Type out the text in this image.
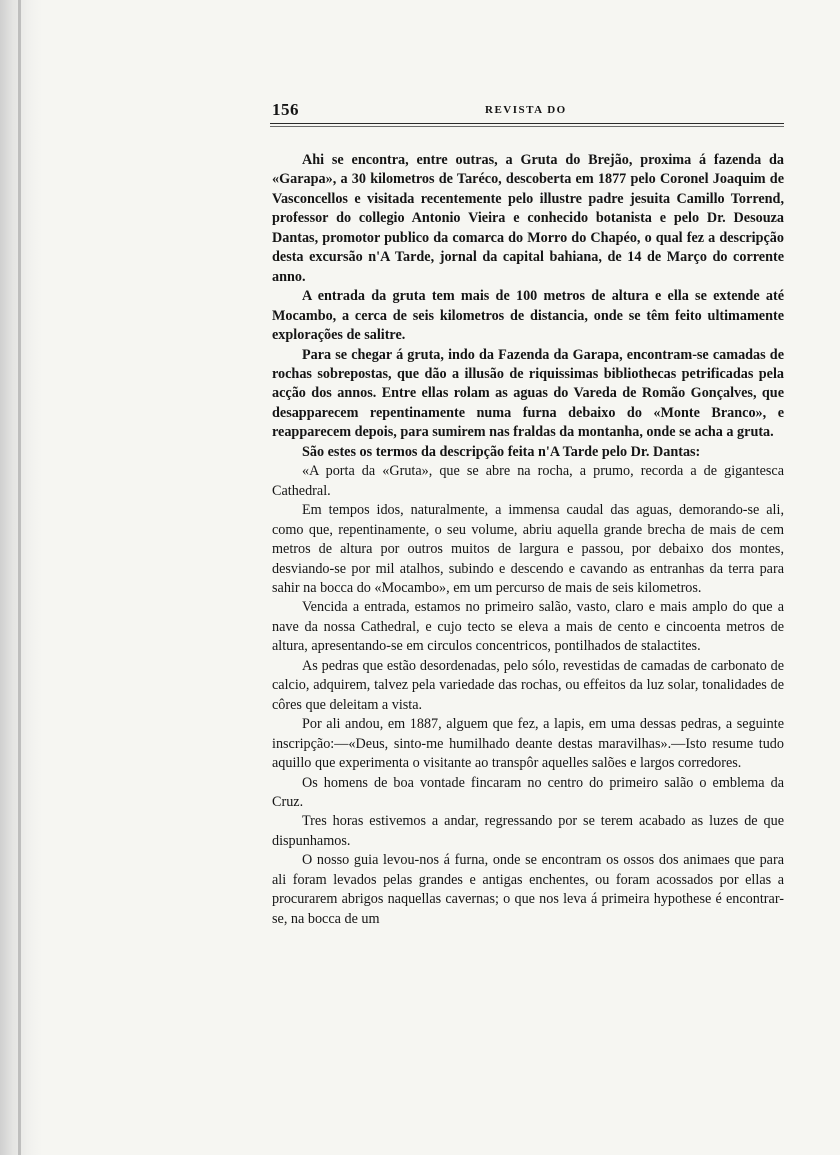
156	REVISTA DO

Ahi se encontra, entre outras, a Gruta do Brejão, proxima á fazenda da «Garapa», a 30 kilometros de Taréco, descoberta em 1877 pelo Coronel Joaquim de Vasconcellos e visitada recentemente pelo illustre padre jesuita Camillo Torrend, professor do collegio Antonio Vieira e conhecido botanista e pelo Dr. Desouza Dantas, promotor publico da comarca do Morro do Chapéo, o qual fez a descripção desta excursão n'A Tarde, jornal da capital bahiana, de 14 de Março do corrente anno.

A entrada da gruta tem mais de 100 metros de altura e ella se extende até Mocambo, a cerca de seis kilometros de distancia, onde se têm feito ultimamente explorações de salitre.

Para se chegar á gruta, indo da Fazenda da Garapa, encontram-se camadas de rochas sobrepostas, que dão a illusão de riquissimas bibliothecas petrificadas pela acção dos annos. Entre ellas rolam as aguas do Vareda de Romão Gonçalves, que desapparecem repentinamente numa furna debaixo do «Monte Branco», e reapparecem depois, para sumirem nas fraldas da montanha, onde se acha a gruta.

São estes os termos da descripção feita n'A Tarde pelo Dr. Dantas:

«A porta da «Gruta», que se abre na rocha, a prumo, recorda a de gigantesca Cathedral.

Em tempos idos, naturalmente, a immensa caudal das aguas, demorando-se ali, como que, repentinamente, o seu volume, abriu aquella grande brecha de mais de cem metros de altura por outros muitos de largura e passou, por debaixo dos montes, desviando-se por mil atalhos, subindo e descendo e cavando as entranhas da terra para sahir na bocca do «Mocambo», em um percurso de mais de seis kilometros.

Vencida a entrada, estamos no primeiro salão, vasto, claro e mais amplo do que a nave da nossa Cathedral, e cujo tecto se eleva a mais de cento e cincoenta metros de altura, apresentando-se em circulos concentricos, pontilhados de stalactites.

As pedras que estão desordenadas, pelo sólo, revestidas de camadas de carbonato de calcio, adquirem, talvez pela variedade das rochas, ou effeitos da luz solar, tonalidades de côres que deleitam a vista.

Por ali andou, em 1887, alguem que fez, a lapis, em uma dessas pedras, a seguinte inscripção:—«Deus, sinto-me humilhado deante destas maravilhas».—Isto resume tudo aquillo que experimenta o visitante ao transpôr aquelles salões e largos corredores.

Os homens de boa vontade fincaram no centro do primeiro salão o emblema da Cruz.

Tres horas estivemos a andar, regressando por se terem acabado as luzes de que dispunhamos.

O nosso guia levou-nos á furna, onde se encontram os ossos dos animaes que para ali foram levados pelas grandes e antigas enchentes, ou foram acossados por ellas a procurarem abrigos naquellas cavernas; o que nos leva á primeira hypothese é encontrar-se, na bocca de um
